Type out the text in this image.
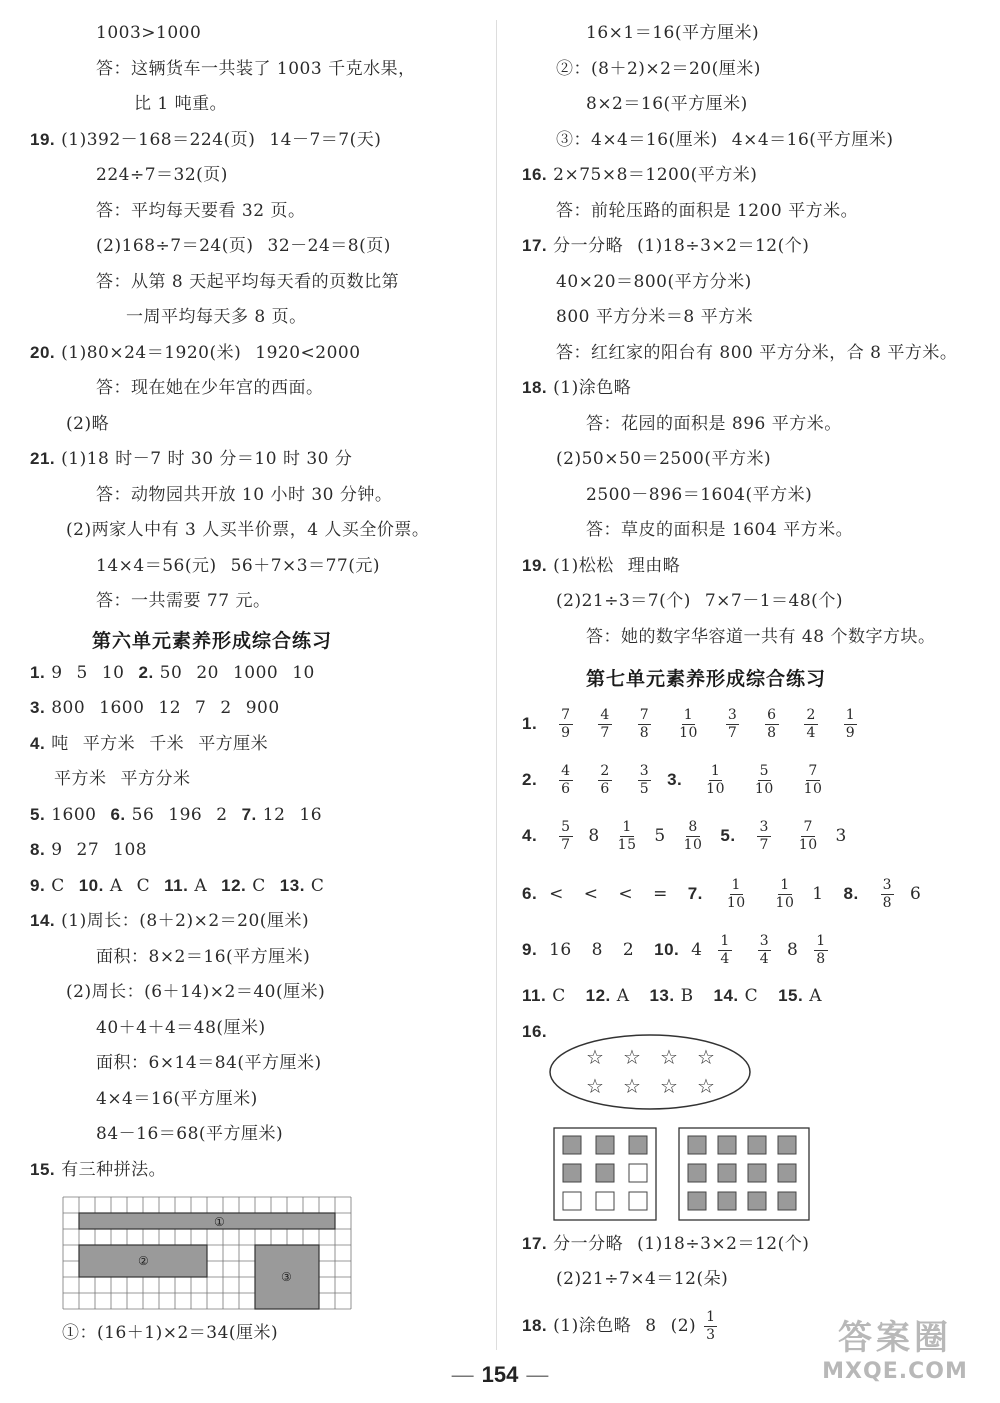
1003>1000
答：这辆货车一共装了 1003 千克水果，
比 1 吨重。
19. (1)392－168＝224(页) 14－7＝7(天)
224÷7＝32(页)
答：平均每天要看 32 页。
(2)168÷7＝24(页) 32－24＝8(页)
答：从第 8 天起平均每天看的页数比第
一周平均每天多 8 页。
20. (1)80×24＝1920(米) 1920<2000
答：现在她在少年宫的西面。
(2)略
21. (1)18 时－7 时 30 分＝10 时 30 分
答：动物园共开放 10 小时 30 分钟。
(2)两家人中有 3 人买半价票，4 人买全价票。
14×4＝56(元) 56＋7×3＝77(元)
答：一共需要 77 元。
第六单元素养形成综合练习
1. 9 5 10 2. 50 20 1000 10
3. 800 1600 12 7 2 900
4. 吨 平方米 千米 平方厘米
平方米 平方分米
5. 1600 6. 56 196 2 7. 12 16
8. 9 27 108
9. C 10. A C 11. A 12. C 13. C
14. (1)周长：(8＋2)×2＝20(厘米)
面积：8×2＝16(平方厘米)
(2)周长：(6＋14)×2＝40(厘米)
40＋4＋4＝48(厘米)
面积：6×14＝84(平方厘米)
4×4＝16(平方厘米)
84－16＝68(平方厘米)
15. 有三种拼法。
①
②
③
①：(16＋1)×2＝34(厘米)
16×1＝16(平方厘米)
②：(8＋2)×2＝20(厘米)
8×2＝16(平方厘米)
③：4×4＝16(厘米) 4×4＝16(平方厘米)
16. 2×75×8＝1200(平方米)
答：前轮压路的面积是 1200 平方米。
17. 分一分略 (1)18÷3×2＝12(个)
40×20＝800(平方分米)
800 平方分米＝8 平方米
答：红红家的阳台有 800 平方分米，合 8 平方米。
18. (1)涂色略
答：花园的面积是 896 平方米。
(2)50×50＝2500(平方米)
2500－896＝1604(平方米)
答：草皮的面积是 1604 平方米。
19. (1)松松 理由略
(2)21÷3＝7(个) 7×7－1＝48(个)
答：她的数字华容道一共有 48 个数字方块。
第七单元素养形成综合练习
1. $\frac{7}{9}$
$\frac{4}{7}$
$\frac{7}{8}$
$\frac{1}{10}$
$\frac{3}{7}$
$\frac{6}{8}$
$\frac{2}{4}$
$\frac{1}{9}$
2. $\frac{4}{6}$
$\frac{2}{6}$
$\frac{3}{5} 3$. $\frac{1}{10}$
$\frac{5}{10}$
$\frac{7}{10}$
4. $\frac{5}{7} 8 \frac{1}{15} 5 \frac{8}{10} 5$. $\frac{3}{7}$
$\frac{7}{10} 3$
6. < < < = 7. $\frac{1}{10}$
$\frac{1}{10} 1$ 8. $\frac{3}{8} 6$
9. 16 8 2 10. $4 \frac{1}{4}$
$\frac{3}{4} 8 \frac{1}{8}$
11. C 12. A 13. B 14. C 15. A
16.
☆ ☆ ☆ ☆
☆ ☆ ☆ ☆
17. 分一分略 (1)18÷3×2＝12(个)
(2)21÷7×4＝12(朵)
18. (1)涂色略 8 $(2) \frac{1}{3}$
— 154 —
答案圈
MXQE.COM
